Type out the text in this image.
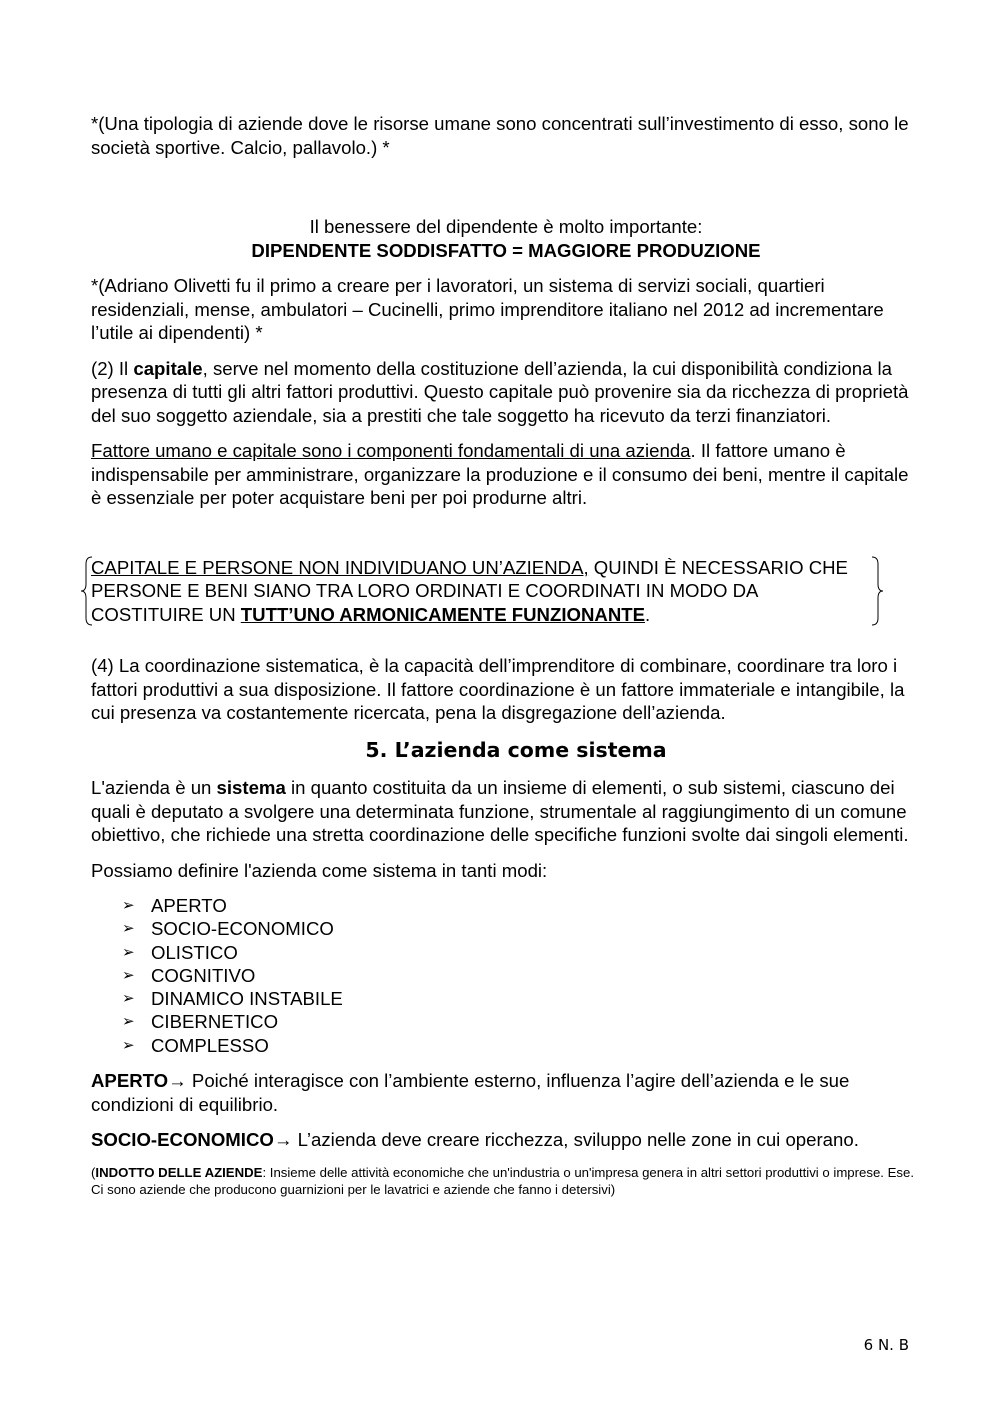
*(Una tipologia di aziende dove le risorse umane sono concentrati sull’investimento di esso, sono le società sportive. Calcio, pallavolo.) *

Il benessere del dipendente è molto importante:

DIPENDENTE SODDISFATTO = MAGGIORE PRODUZIONE

*(Adriano Olivetti fu il primo a creare per i lavoratori, un sistema di servizi sociali, quartieri residenziali, mense, ambulatori – Cucinelli, primo imprenditore italiano nel 2012 ad incrementare l’utile ai dipendenti) *

(2) Il capitale, serve nel momento della costituzione dell’azienda, la cui disponibilità condiziona la presenza di tutti gli altri fattori produttivi. Questo capitale può provenire sia da ricchezza di proprietà del suo soggetto aziendale, sia a prestiti che tale soggetto ha ricevuto da terzi finanziatori.

Fattore umano e capitale sono i componenti fondamentali di una azienda. Il fattore umano è indispensabile per amministrare, organizzare la produzione e il consumo dei beni, mentre il capitale è essenziale per poter acquistare beni per poi produrne altri.

CAPITALE E PERSONE NON INDIVIDUANO UN’AZIENDA, QUINDI È NECESSARIO CHE PERSONE E BENI SIANO TRA LORO ORDINATI E COORDINATI IN MODO DA COSTITUIRE UN TUTT’UNO ARMONICAMENTE FUNZIONANTE.

(4) La coordinazione sistematica, è la capacità dell’imprenditore di combinare, coordinare tra loro i fattori produttivi a sua disposizione. Il fattore coordinazione è un fattore immateriale e intangibile, la cui presenza va costantemente ricercata, pena la disgregazione dell’azienda.

5. L’azienda come sistema

L'azienda è un sistema in quanto costituita da un insieme di elementi, o sub sistemi, ciascuno dei quali è deputato a svolgere una determinata funzione, strumentale al raggiungimento di un comune obiettivo, che richiede una stretta coordinazione delle specifiche funzioni svolte dai singoli elementi.

Possiamo definire l'azienda come sistema in tanti modi:

➢ APERTO
➢ SOCIO-ECONOMICO
➢ OLISTICO
➢ COGNITIVO
➢ DINAMICO INSTABILE
➢ CIBERNETICO
➢ COMPLESSO

APERTO→ Poiché interagisce con l’ambiente esterno, influenza l’agire dell’azienda e le sue condizioni di equilibrio.

SOCIO-ECONOMICO→ L’azienda deve creare ricchezza, sviluppo nelle zone in cui operano.

(INDOTTO DELLE AZIENDE: Insieme delle attività economiche che un'industria o un'impresa genera in altri settori produttivi o imprese. Ese. Ci sono aziende che producono guarnizioni per le lavatrici e aziende che fanno i detersivi)

6 N. B
